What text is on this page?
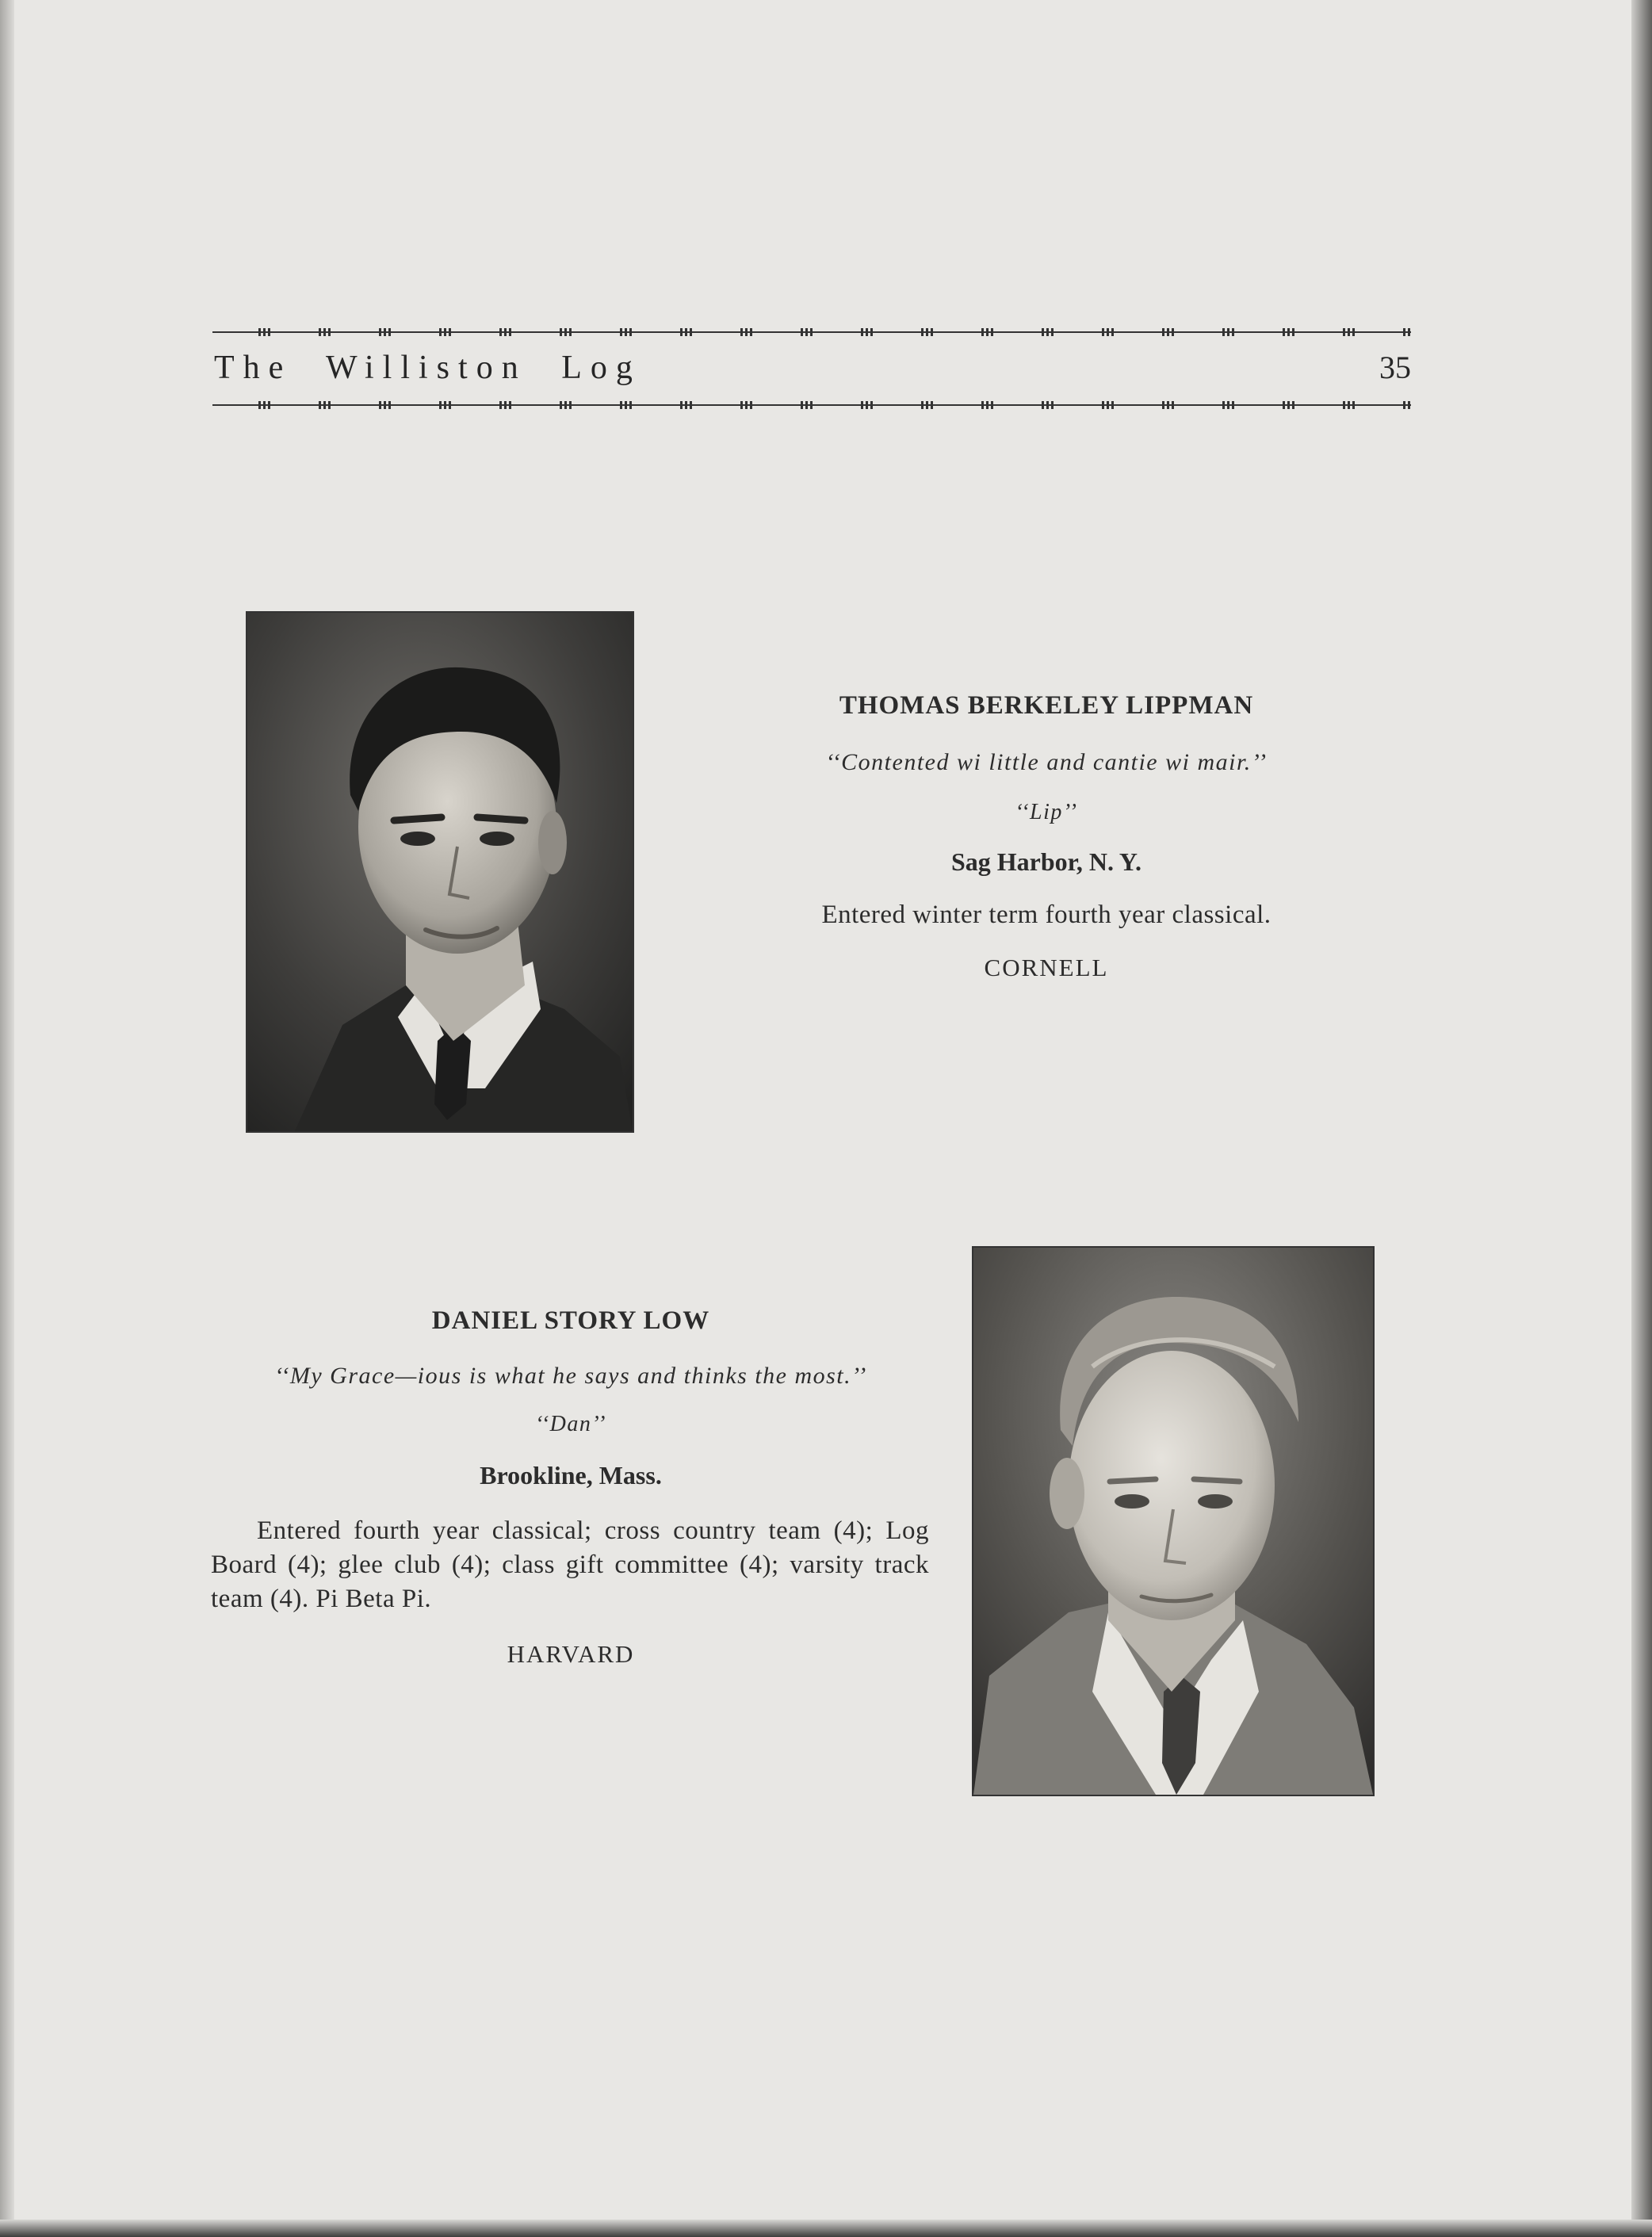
The Williston Log	35

THOMAS BERKELEY LIPPMAN

‘‘Contented wi little and cantie wi mair.’’

‘‘Lip’’

Sag Harbor, N. Y.

Entered winter term fourth year classical.

CORNELL

DANIEL STORY LOW

‘‘My Grace—ious is what he says and thinks the most.’’

‘‘Dan’’

Brookline, Mass.

Entered fourth year classical; cross country team (4); Log Board (4); glee club (4); class gift committee (4); varsity track team (4). Pi Beta Pi.

HARVARD
